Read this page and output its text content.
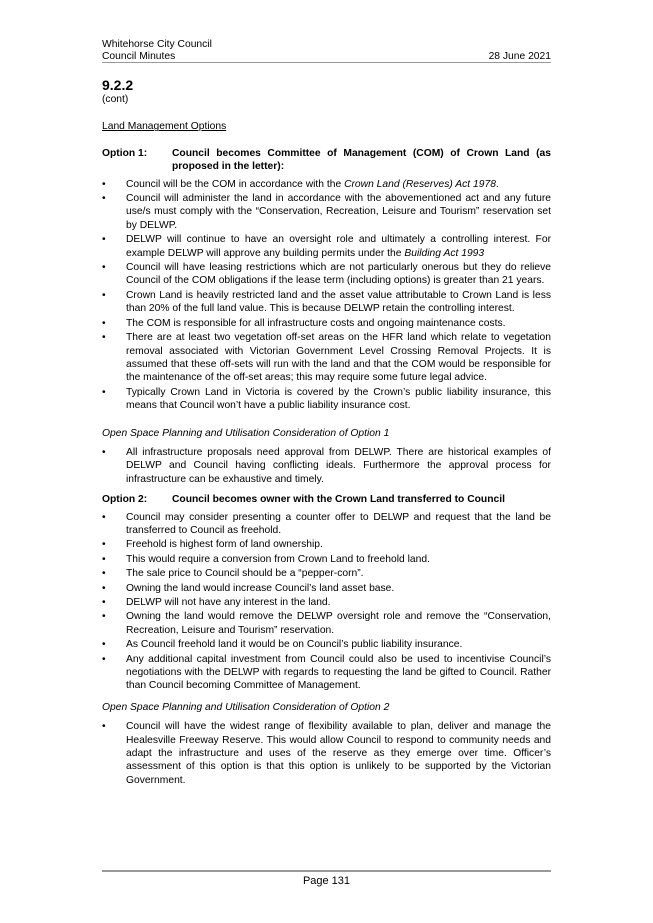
Whitehorse City Council
Council Minutes	28 June 2021
9.2.2
(cont)
Land Management Options
Option 1:	Council becomes Committee of Management (COM) of Crown Land (as proposed in the letter):
• Council will be the COM in accordance with the Crown Land (Reserves) Act 1978.
• Council will administer the land in accordance with the abovementioned act and any future use/s must comply with the “Conservation, Recreation, Leisure and Tourism” reservation set by DELWP.
• DELWP will continue to have an oversight role and ultimately a controlling interest. For example DELWP will approve any building permits under the Building Act 1993
• Council will have leasing restrictions which are not particularly onerous but they do relieve Council of the COM obligations if the lease term (including options) is greater than 21 years.
• Crown Land is heavily restricted land and the asset value attributable to Crown Land is less than 20% of the full land value. This is because DELWP retain the controlling interest.
• The COM is responsible for all infrastructure costs and ongoing maintenance costs.
• There are at least two vegetation off-set areas on the HFR land which relate to vegetation removal associated with Victorian Government Level Crossing Removal Projects. It is assumed that these off-sets will run with the land and that the COM would be responsible for the maintenance of the off-set areas; this may require some future legal advice.
• Typically Crown Land in Victoria is covered by the Crown’s public liability insurance, this means that Council won’t have a public liability insurance cost.
Open Space Planning and Utilisation Consideration of Option 1
• All infrastructure proposals need approval from DELWP. There are historical examples of DELWP and Council having conflicting ideals. Furthermore the approval process for infrastructure can be exhaustive and timely.
Option 2:	Council becomes owner with the Crown Land transferred to Council
• Council may consider presenting a counter offer to DELWP and request that the land be transferred to Council as freehold.
• Freehold is highest form of land ownership.
• This would require a conversion from Crown Land to freehold land.
• The sale price to Council should be a “pepper-corn”.
• Owning the land would increase Council’s land asset base.
• DELWP will not have any interest in the land.
• Owning the land would remove the DELWP oversight role and remove the “Conservation, Recreation, Leisure and Tourism” reservation.
• As Council freehold land it would be on Council’s public liability insurance.
• Any additional capital investment from Council could also be used to incentivise Council’s negotiations with the DELWP with regards to requesting the land be gifted to Council. Rather than Council becoming Committee of Management.
Open Space Planning and Utilisation Consideration of Option 2
• Council will have the widest range of flexibility available to plan, deliver and manage the Healesville Freeway Reserve. This would allow Council to respond to community needs and adapt the infrastructure and uses of the reserve as they emerge over time. Officer’s assessment of this option is that this option is unlikely to be supported by the Victorian Government.
Page 131
